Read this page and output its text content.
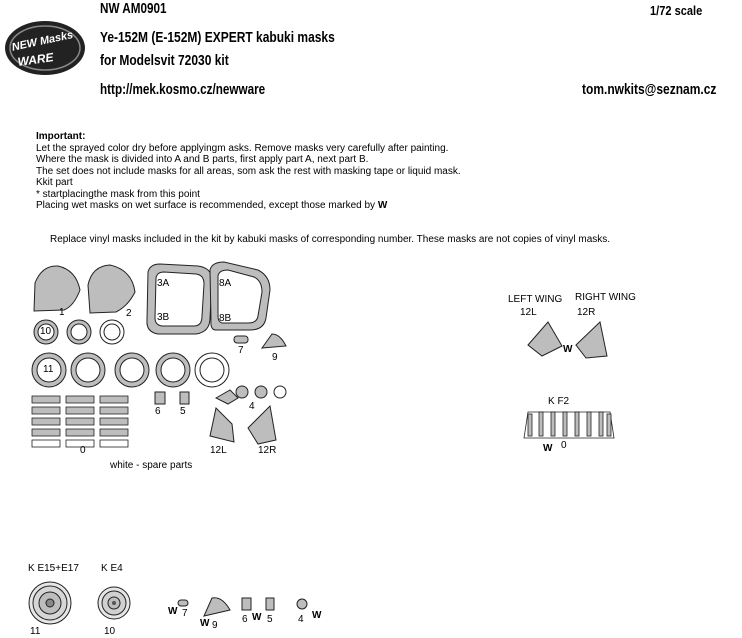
NW AM0901	1/72 scale
Ye-152M (E-152M) EXPERT kabuki masks
for Modelsvit 72030 kit
http://mek.kosmo.cz/newware	tom.nwkits@seznam.cz
NEW Masks
WARE
Important:
Let the sprayed color dry before applyingm asks. Remove masks very carefully after painting.
Where the mask is divided into A and B parts, first apply part A, next part B.
The set does not include masks for all areas, som ask the rest with masking tape or liquid mask.
Kkit part
* startplacingthe mask from this point
Placing wet masks on wet surface is recommended, except those marked by W
Replace vinyl masks included in the kit by kabuki masks of corresponding number. These masks are not copies of vinyl masks.
1	2
3A
3B
8A
8B
7
9
10
11
6 5	4
0	12L	12R
white - spare parts
LEFT WING RIGHT WING
12L	12R
W
K F2
0
W
K E15+E17 K E4
11	10
W 7
W 9
6 W 5	4 W
